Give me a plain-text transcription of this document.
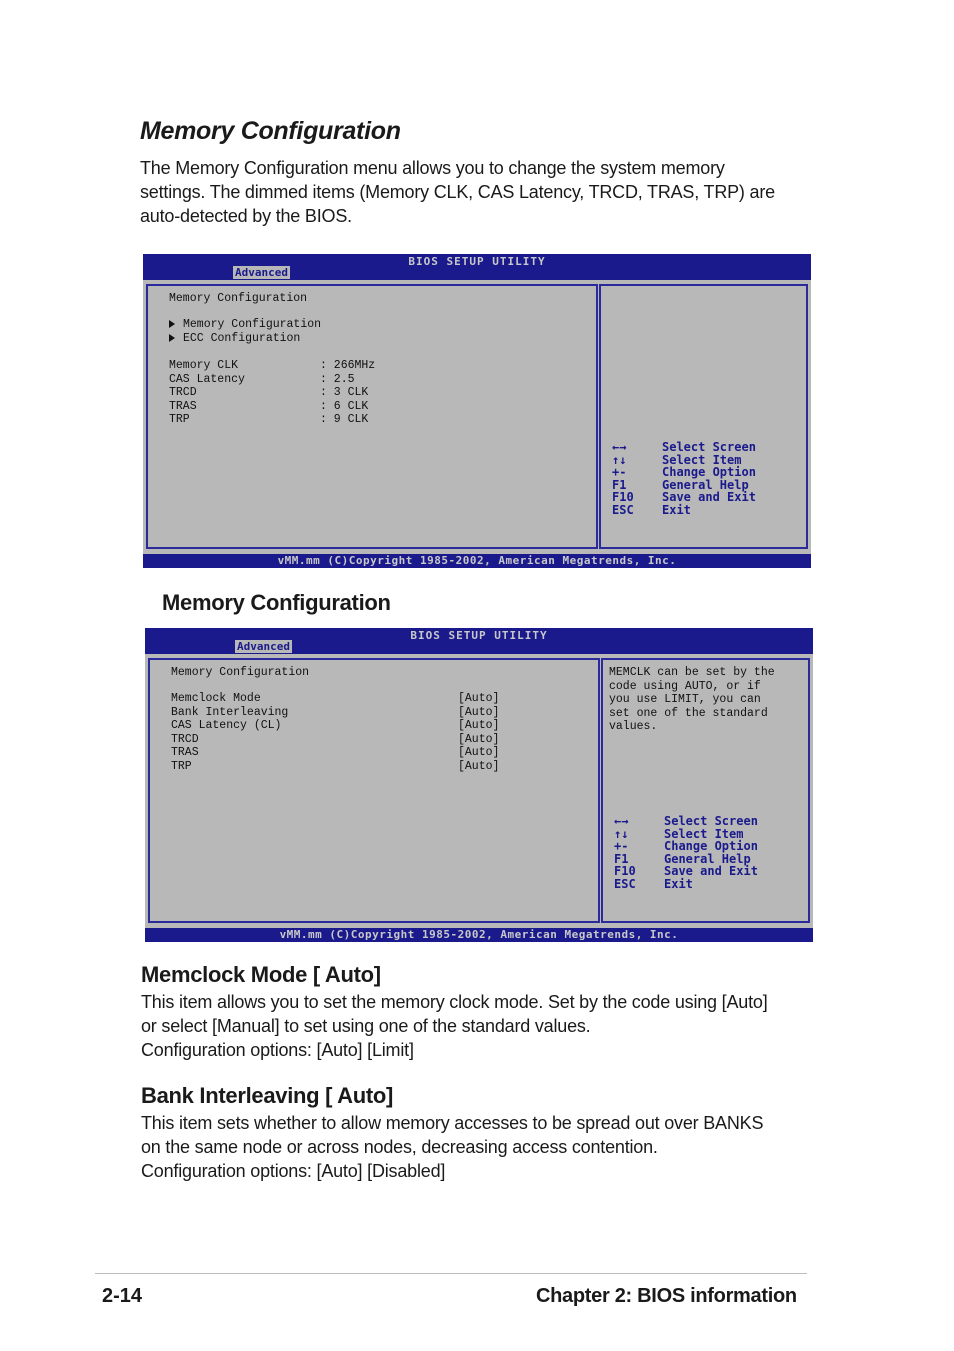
Memory Configuration
The Memory Configuration menu allows you to change the system memory
settings. The dimmed items (Memory CLK, CAS Latency, TRCD, TRAS, TRP) are
auto-detected by the BIOS.
BIOS SETUP UTILITY
Advanced
Memory Configuration
Memory Configuration
ECC Configuration
Memory CLK	: 266MHz
CAS Latency	: 2.5
TRCD	: 3 CLK
TRAS	: 6 CLK
TRP	: 9 CLK
←→	Select Screen
↑↓	Select Item
+-	Change Option
F1	General Help
F10	Save and Exit
ESC	Exit
vMM.mm (C)Copyright 1985-2002, American Megatrends, Inc.
Memory Configuration
BIOS SETUP UTILITY
Advanced
Memory Configuration
Memclock Mode	[Auto]
Bank Interleaving	[Auto]
CAS Latency (CL)	[Auto]
TRCD	[Auto]
TRAS	[Auto]
TRP	[Auto]
MEMCLK can be set by the
code using AUTO, or if
you use LIMIT, you can
set one of the standard
values.
←→	Select Screen
↑↓	Select Item
+-	Change Option
F1	General Help
F10	Save and Exit
ESC	Exit
vMM.mm (C)Copyright 1985-2002, American Megatrends, Inc.
Memclock Mode [ Auto]
This item allows you to set the memory clock mode. Set by the code using [Auto]
or select [Manual] to set using one of the standard values.
Configuration options: [Auto] [Limit]
Bank Interleaving [ Auto]
This item sets whether to allow memory accesses to be spread out over BANKS
on the same node or across nodes, decreasing access contention.
Configuration options: [Auto] [Disabled]
2-14	Chapter 2: BIOS information
